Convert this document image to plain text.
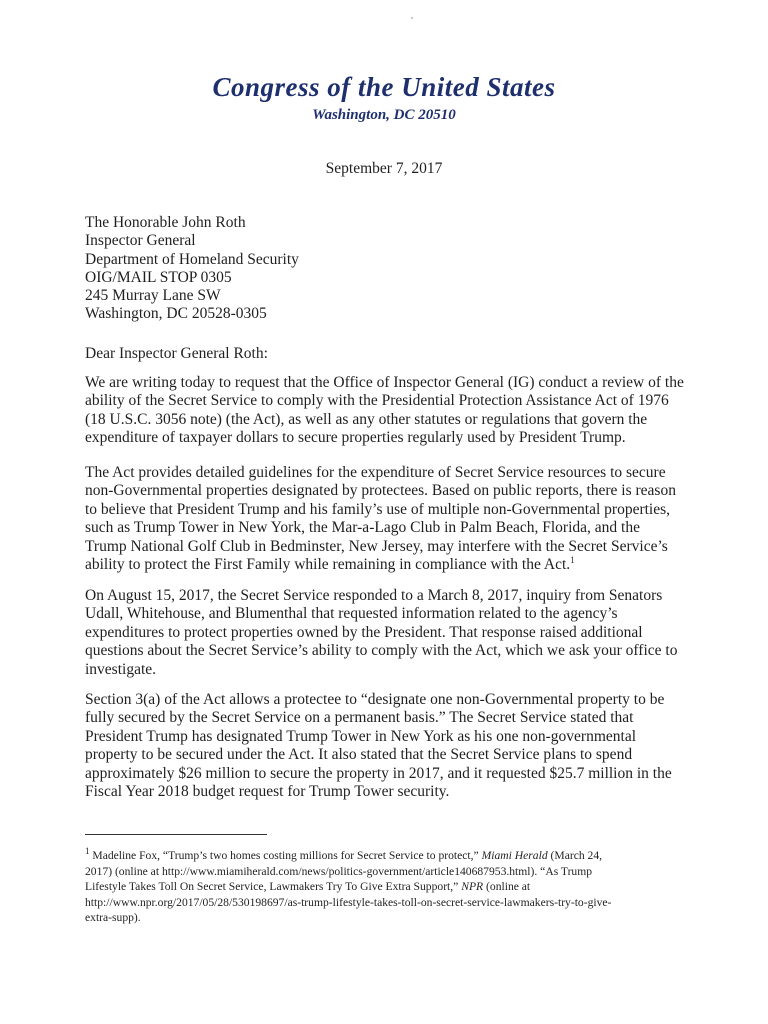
Congress of the United States
Washington, DC 20510
September 7, 2017
The Honorable John Roth
Inspector General
Department of Homeland Security
OIG/MAIL STOP 0305
245 Murray Lane SW
Washington, DC 20528-0305
Dear Inspector General Roth:
We are writing today to request that the Office of Inspector General (IG) conduct a review of the
ability of the Secret Service to comply with the Presidential Protection Assistance Act of 1976
(18 U.S.C. 3056 note) (the Act), as well as any other statutes or regulations that govern the
expenditure of taxpayer dollars to secure properties regularly used by President Trump.
The Act provides detailed guidelines for the expenditure of Secret Service resources to secure
non-Governmental properties designated by protectees. Based on public reports, there is reason
to believe that President Trump and his family’s use of multiple non-Governmental properties,
such as Trump Tower in New York, the Mar-a-Lago Club in Palm Beach, Florida, and the
Trump National Golf Club in Bedminster, New Jersey, may interfere with the Secret Service’s
ability to protect the First Family while remaining in compliance with the Act.$^1$
On August 15, 2017, the Secret Service responded to a March 8, 2017, inquiry from Senators
Udall, Whitehouse, and Blumenthal that requested information related to the agency’s
expenditures to protect properties owned by the President. That response raised additional
questions about the Secret Service’s ability to comply with the Act, which we ask your office to
investigate.
Section 3(a) of the Act allows a protectee to “designate one non-Governmental property to be
fully secured by the Secret Service on a permanent basis.” The Secret Service stated that
President Trump has designated Trump Tower in New York as his one non-governmental
property to be secured under the Act. It also stated that the Secret Service plans to spend
approximately $26 million to secure the property in 2017, and it requested $25.7 million in the
Fiscal Year 2018 budget request for Trump Tower security.
$^1$ Madeline Fox, “Trump’s two homes costing millions for Secret Service to protect,” Miami Herald (March 24,
2017) (online at http://www.miamiherald.com/news/politics-government/article140687953.html). “As Trump
Lifestyle Takes Toll On Secret Service, Lawmakers Try To Give Extra Support,” NPR (online at
http://www.npr.org/2017/05/28/530198697/as-trump-lifestyle-takes-toll-on-secret-service-lawmakers-try-to-give-
extra-supp).
